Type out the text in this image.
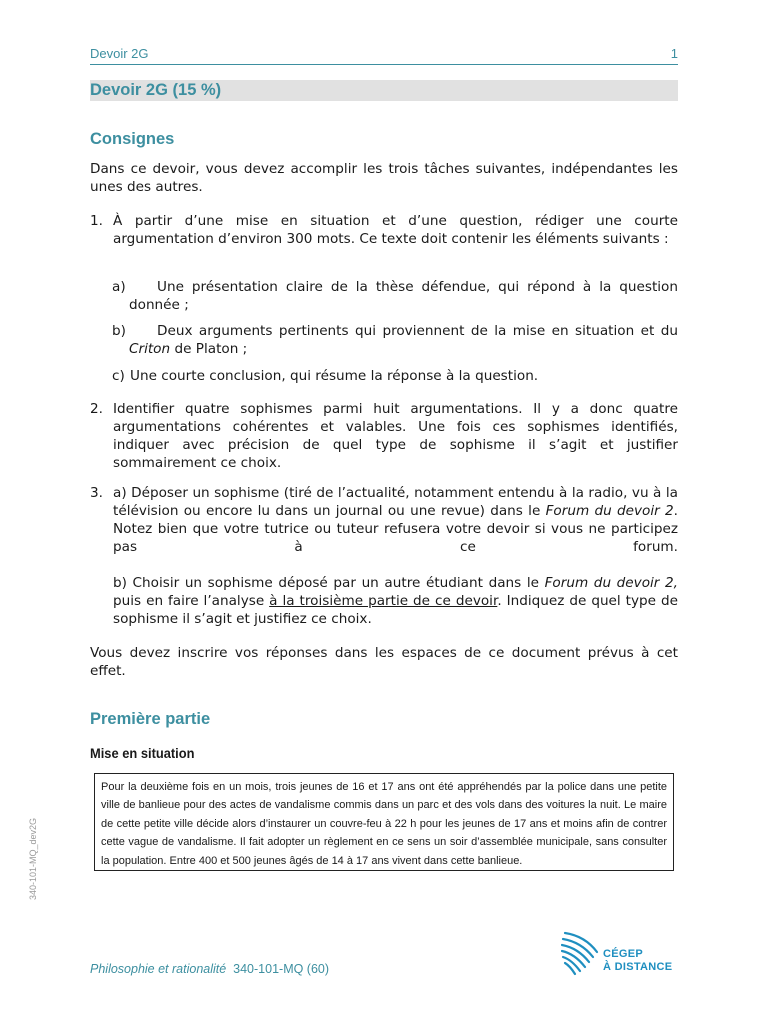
Devoir 2G	1
Devoir 2G (15 %)
Consignes

Dans ce devoir, vous devez accomplir les trois tâches suivantes, indépendantes les unes des autres.

1. À partir d’une mise en situation et d’une question, rédiger une courte argumentation d’environ 300 mots. Ce texte doit contenir les éléments suivants :
a)	Une présentation claire de la thèse défendue, qui répond à la question donnée ;
b)	Deux arguments pertinents qui proviennent de la mise en situation et du Criton de Platon ;
c) Une courte conclusion, qui résume la réponse à la question.
2. Identifier quatre sophismes parmi huit argumentations. Il y a donc quatre argumentations cohérentes et valables. Une fois ces sophismes identifiés, indiquer avec précision de quel type de sophisme il s’agit et justifier sommairement ce choix.
3. a) Déposer un sophisme (tiré de l’actualité, notamment entendu à la radio, vu à la télévision ou encore lu dans un journal ou une revue) dans le Forum du devoir 2. Notez bien que votre tutrice ou tuteur refusera votre devoir si vous ne participez pas à ce forum.
b) Choisir un sophisme déposé par un autre étudiant dans le Forum du devoir 2, puis en faire l’analyse à la troisième partie de ce devoir. Indiquez de quel type de sophisme il s’agit et justifiez ce choix.

Vous devez inscrire vos réponses dans les espaces de ce document prévus à cet effet.

Première partie
Mise en situation
Pour la deuxième fois en un mois, trois jeunes de 16 et 17 ans ont été appréhendés par la police dans une petite ville de banlieue pour des actes de vandalisme commis dans un parc et des vols dans des voitures la nuit. Le maire de cette petite ville décide alors d’instaurer un couvre-feu à 22 h pour les jeunes de 17 ans et moins afin de contrer cette vague de vandalisme. Il fait adopter un règlement en ce sens un soir d’assemblée municipale, sans consulter la population. Entre 400 et 500 jeunes âgés de 14 à 17 ans vivent dans cette banlieue.
340-101-MQ_dev2G
Philosophie et rationalité 340-101-MQ (60)
CÉGEP
À DISTANCE
